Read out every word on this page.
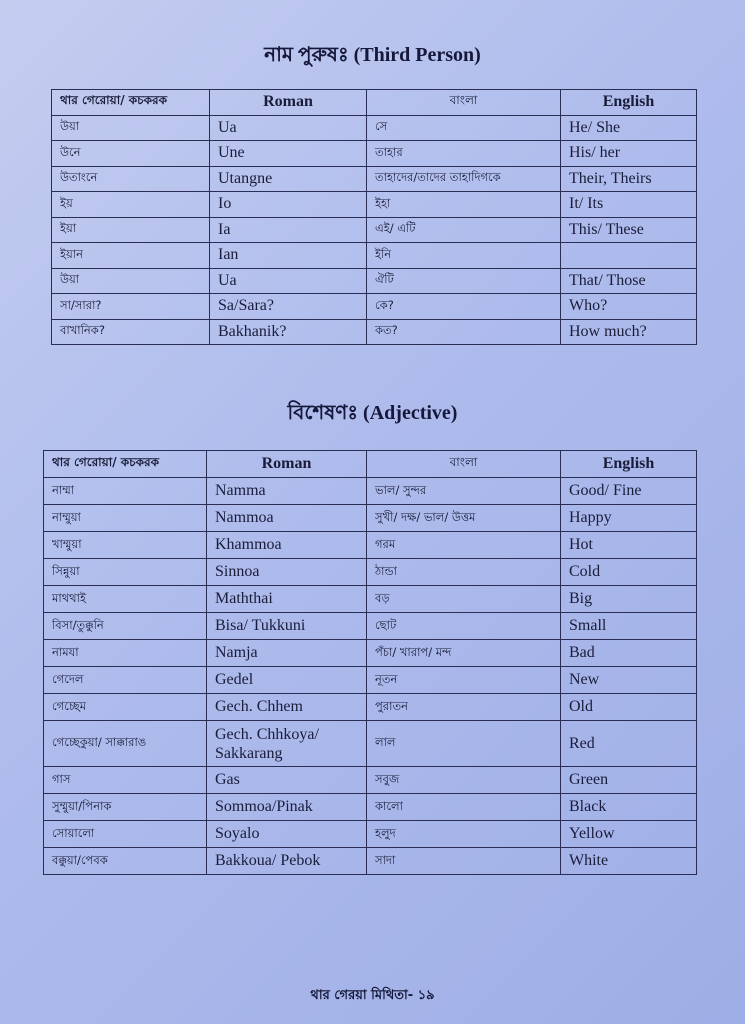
নাম পুরুষঃ (Third Person)
থার গেরোয়া/ কচকরক	Roman	বাংলা	English
উয়া	Ua	সে	He/ She
উনে	Une	তাহার	His/ her
উতাংনে	Utangne	তাহাদের/তাদের তাহাদিগকে	Their, Theirs
ইয়	Io	ইহা	It/ Its
ইয়া	Ia	এই/ এটি	This/ These
ইয়ান	Ian	ইনি	
উয়া	Ua	ঐটি	That/ Those
সা/সারা?	Sa/Sara?	কে?	Who?
বাখানিক?	Bakhanik?	কত?	How much?
বিশেষণঃ (Adjective)
থার গেরোয়া/ কচকরক	Roman	বাংলা	English
নাম্মা	Namma	ভাল/ সুন্দর	Good/ Fine
নাম্মুয়া	Nammoa	সুখী/ দক্ষ/ ভাল/ উত্তম	Happy
খাম্মুয়া	Khammoa	গরম	Hot
সিন্নুয়া	Sinnoa	ঠান্ডা	Cold
মাথথাই	Maththai	বড়	Big
বিসা/তুক্কুনি	Bisa/ Tukkuni	ছোট	Small
নামযা	Namja	পঁচা/ খারাপ/ মন্দ	Bad
গেদেল	Gedel	নূতন	New
গেচ্ছেম	Gech. Chhem	পুরাতন	Old
গেচ্ছেকুয়া/ সাক্কারাঙ	Gech. Chhkoya/ Sakkarang	লাল	Red
গাস	Gas	সবুজ	Green
সুম্মুয়া/পিনাক	Sommoa/Pinak	কালো	Black
সোয়ালো	Soyalo	হলুদ	Yellow
বক্কুয়া/পেবক	Bakkoua/ Pebok	সাদা	White
থার গেরয়া মিথিতা- ১৯
